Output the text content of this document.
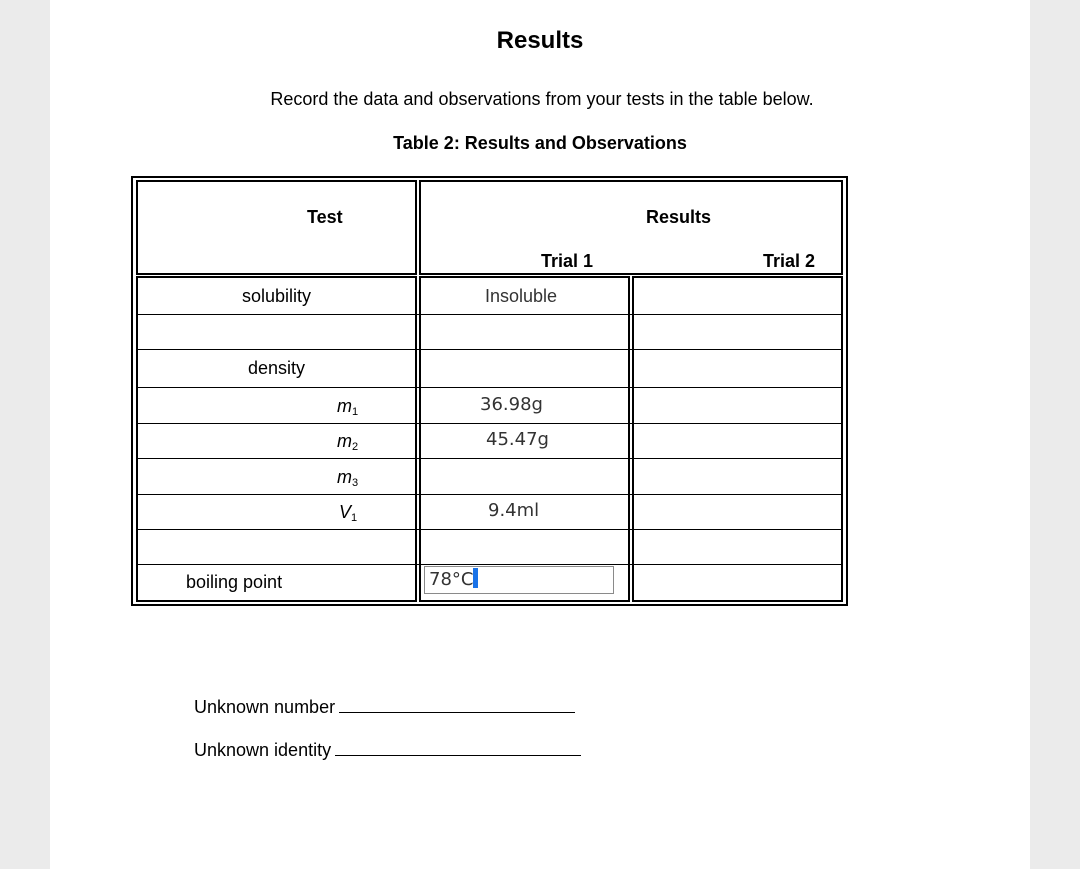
Results
Record the data and observations from your tests in the table below.
Table 2: Results and Observations
Test	Results
Trial 1	Trial 2
solubility
density
$m_1$
$m_2$
$m_3$
$V_1$
boiling point
Insoluble
36.98g
45.47g
9.4ml
78°C
Unknown number
Unknown identity
